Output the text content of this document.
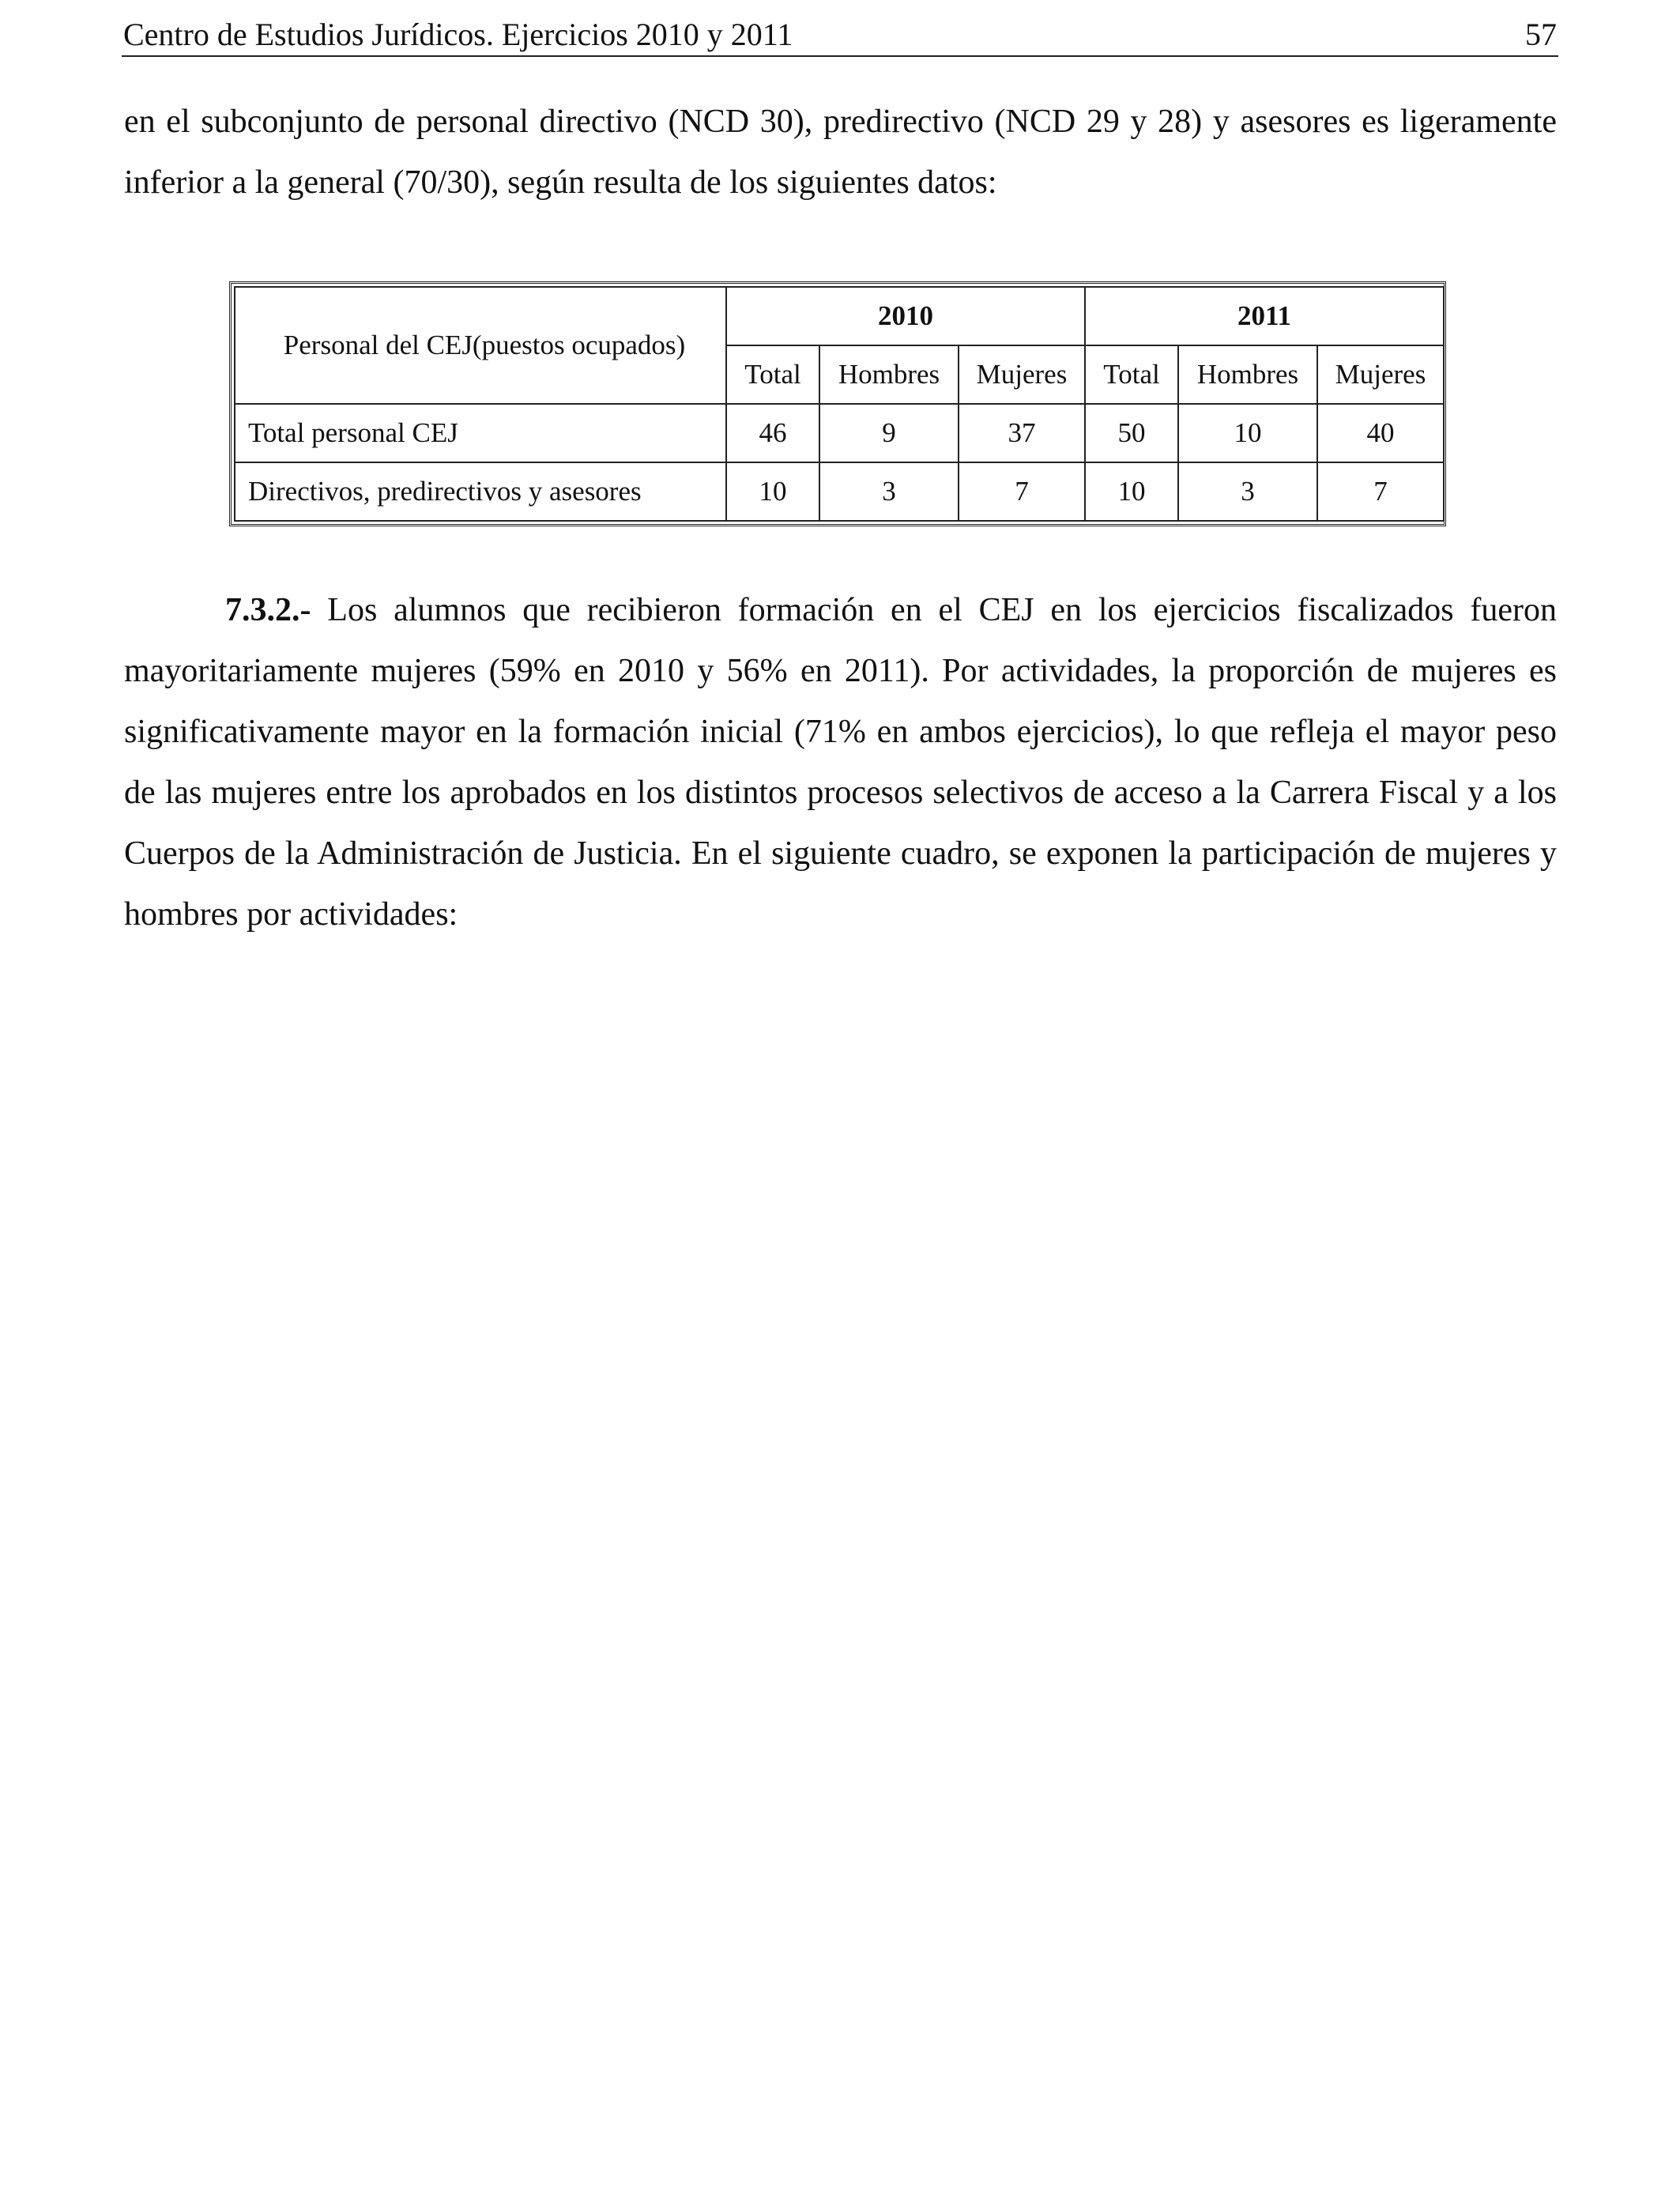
Centro de Estudios Jurídicos. Ejercicios 2010 y 2011	57

en el subconjunto de personal directivo (NCD 30), predirectivo (NCD 29 y 28) y asesores es ligeramente inferior a la general (70/30), según resulta de los siguientes datos:

Personal del CEJ(puestos ocupados)	2010			2011		
	Total	Hombres	Mujeres	Total	Hombres	Mujeres
Total personal CEJ	46	9	37	50	10	40
Directivos, predirectivos y asesores	10	3	7	10	3	7

7.3.2.- Los alumnos que recibieron formación en el CEJ en los ejercicios fiscalizados fueron mayoritariamente mujeres (59% en 2010 y 56% en 2011). Por actividades, la proporción de mujeres es significativamente mayor en la formación inicial (71% en ambos ejercicios), lo que refleja el mayor peso de las mujeres entre los aprobados en los distintos procesos selectivos de acceso a la Carrera Fiscal y a los Cuerpos de la Administración de Justicia. En el siguiente cuadro, se exponen la participación de mujeres y hombres por actividades:
